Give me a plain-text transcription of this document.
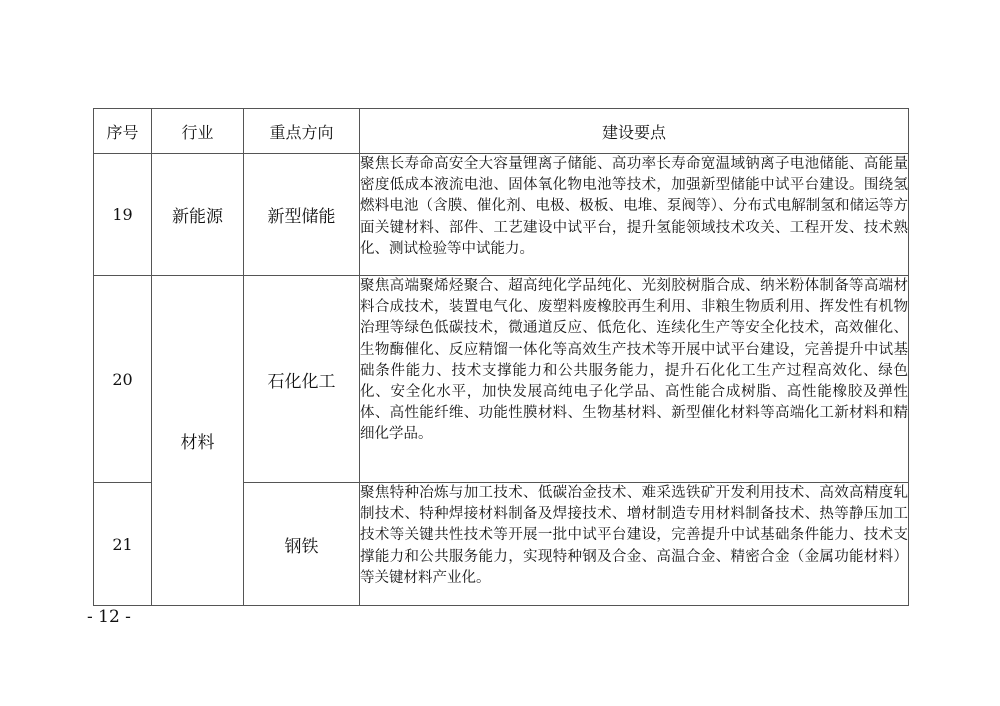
序号	行业	重点方向	建设要点
19	新能源	新型储能	聚焦长寿命高安全大容量锂离子储能、高功率长寿命宽温域钠离子电池储能、高能量密度低成本液流电池、固体氧化物电池等技术，加强新型储能中试平台建设。围绕氢燃料电池（含膜、催化剂、电极、极板、电堆、泵阀等）、分布式电解制氢和储运等方面关键材料、部件、工艺建设中试平台，提升氢能领域技术攻关、工程开发、技术熟化、测试检验等中试能力。
20	材料	石化化工	聚焦高端聚烯烃聚合、超高纯化学品纯化、光刻胶树脂合成、纳米粉体制备等高端材料合成技术，装置电气化、废塑料废橡胶再生利用、非粮生物质利用、挥发性有机物治理等绿色低碳技术，微通道反应、低危化、连续化生产等安全化技术，高效催化、生物酶催化、反应精馏一体化等高效生产技术等开展中试平台建设，完善提升中试基础条件能力、技术支撑能力和公共服务能力，提升石化化工生产过程高效化、绿色化、安全化水平，加快发展高纯电子化学品、高性能合成树脂、高性能橡胶及弹性体、高性能纤维、功能性膜材料、生物基材料、新型催化材料等高端化工新材料和精细化学品。
21		钢铁	聚焦特种冶炼与加工技术、低碳冶金技术、难采选铁矿开发利用技术、高效高精度轧制技术、特种焊接材料制备及焊接技术、增材制造专用材料制备技术、热等静压加工技术等关键共性技术等开展一批中试平台建设，完善提升中试基础条件能力、技术支撑能力和公共服务能力，实现特种钢及合金、高温合金、精密合金（金属功能材料）等关键材料产业化。
- 12 -
